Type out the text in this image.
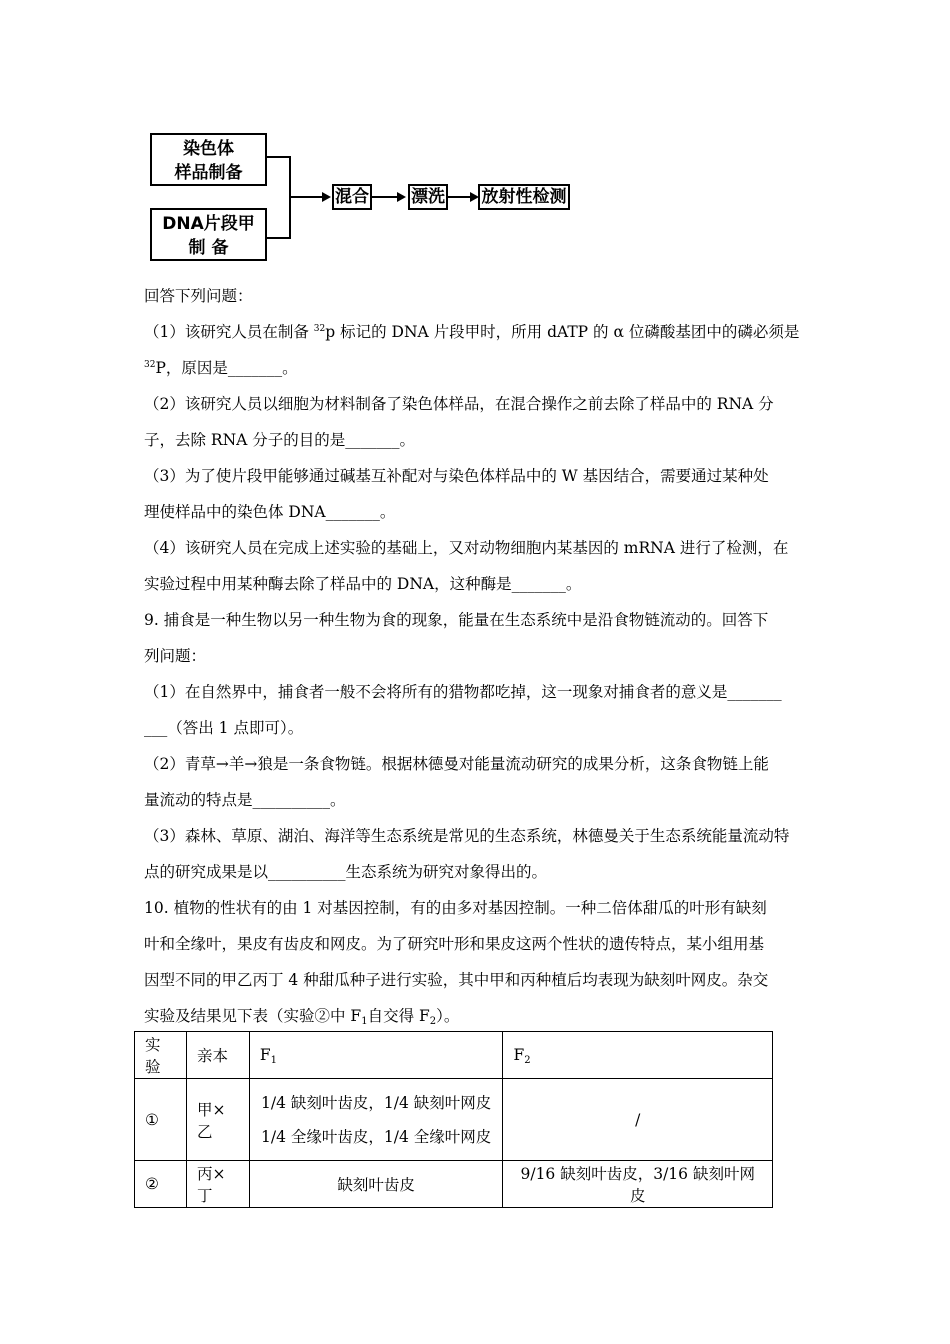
染色体
样品制备
DNA片段甲
制 备
混合 漂洗 放射性检测

回答下列问题：

（1）该研究人员在制备 $^{32}$p 标记的 DNA 片段甲时，所用 dATP 的 α 位磷酸基团中的磷必须是

$^{32}$P，原因是_______。

（2）该研究人员以细胞为材料制备了染色体样品，在混合操作之前去除了样品中的 RNA 分

子，去除 RNA 分子的目的是_______。

（3）为了使片段甲能够通过碱基互补配对与染色体样品中的 W 基因结合，需要通过某种处

理使样品中的染色体 DNA_______。

（4）该研究人员在完成上述实验的基础上，又对动物细胞内某基因的 mRNA 进行了检测，在

实验过程中用某种酶去除了样品中的 DNA，这种酶是_______。

9. 捕食是一种生物以另一种生物为食的现象，能量在生态系统中是沿食物链流动的。回答下

列问题：

（1）在自然界中，捕食者一般不会将所有的猎物都吃掉，这一现象对捕食者的意义是_______

___（答出 1 点即可）。

（2）青草→羊→狼是一条食物链。根据林德曼对能量流动研究的成果分析，这条食物链上能

量流动的特点是__________。

（3）森林、草原、湖泊、海洋等生态系统是常见的生态系统，林德曼关于生态系统能量流动特

点的研究成果是以__________生态系统为研究对象得出的。

10. 植物的性状有的由 1 对基因控制，有的由多对基因控制。一种二倍体甜瓜的叶形有缺刻

叶和全缘叶，果皮有齿皮和网皮。为了研究叶形和果皮这两个性状的遗传特点，某小组用基

因型不同的甲乙丙丁 4 种甜瓜种子进行实验，其中甲和丙种植后均表现为缺刻叶网皮。杂交

实验及结果见下表（实验②中 $F_1$自交得 $F_2$）。

实验	亲本	$F_1$	$F_2$
①	甲×乙	1/4 缺刻叶齿皮，1/4 缺刻叶网皮
1/4 全缘叶齿皮，1/4 全缘叶网皮	/
②	丙×丁	缺刻叶齿皮	9/16 缺刻叶齿皮，3/16 缺刻叶网皮
